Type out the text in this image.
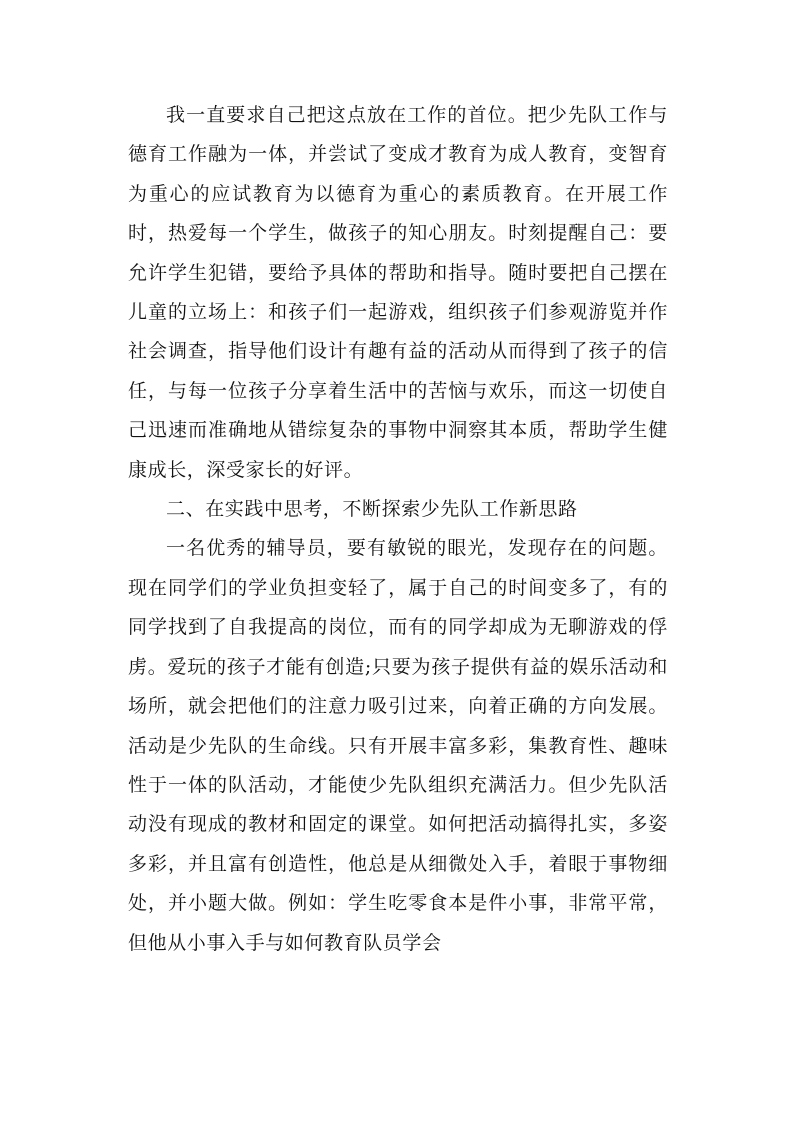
我一直要求自己把这点放在工作的首位。把少先队工作与德育工作融为一体，并尝试了变成才教育为成人教育，变智育为重心的应试教育为以德育为重心的素质教育。在开展工作时，热爱每一个学生，做孩子的知心朋友。时刻提醒自己：要允许学生犯错，要给予具体的帮助和指导。随时要把自己摆在儿童的立场上：和孩子们一起游戏，组织孩子们参观游览并作社会调查，指导他们设计有趣有益的活动从而得到了孩子的信任，与每一位孩子分享着生活中的苦恼与欢乐，而这一切使自己迅速而准确地从错综复杂的事物中洞察其本质，帮助学生健康成长，深受家长的好评。

二、在实践中思考，不断探索少先队工作新思路

一名优秀的辅导员，要有敏锐的眼光，发现存在的问题。现在同学们的学业负担变轻了，属于自己的时间变多了，有的同学找到了自我提高的岗位，而有的同学却成为无聊游戏的俘虏。爱玩的孩子才能有创造;只要为孩子提供有益的娱乐活动和场所，就会把他们的注意力吸引过来，向着正确的方向发展。活动是少先队的生命线。只有开展丰富多彩，集教育性、趣味性于一体的队活动，才能使少先队组织充满活力。但少先队活动没有现成的教材和固定的课堂。如何把活动搞得扎实，多姿多彩，并且富有创造性，他总是从细微处入手，着眼于事物细处，并小题大做。例如：学生吃零食本是件小事，非常平常，但他从小事入手与如何教育队员学会
